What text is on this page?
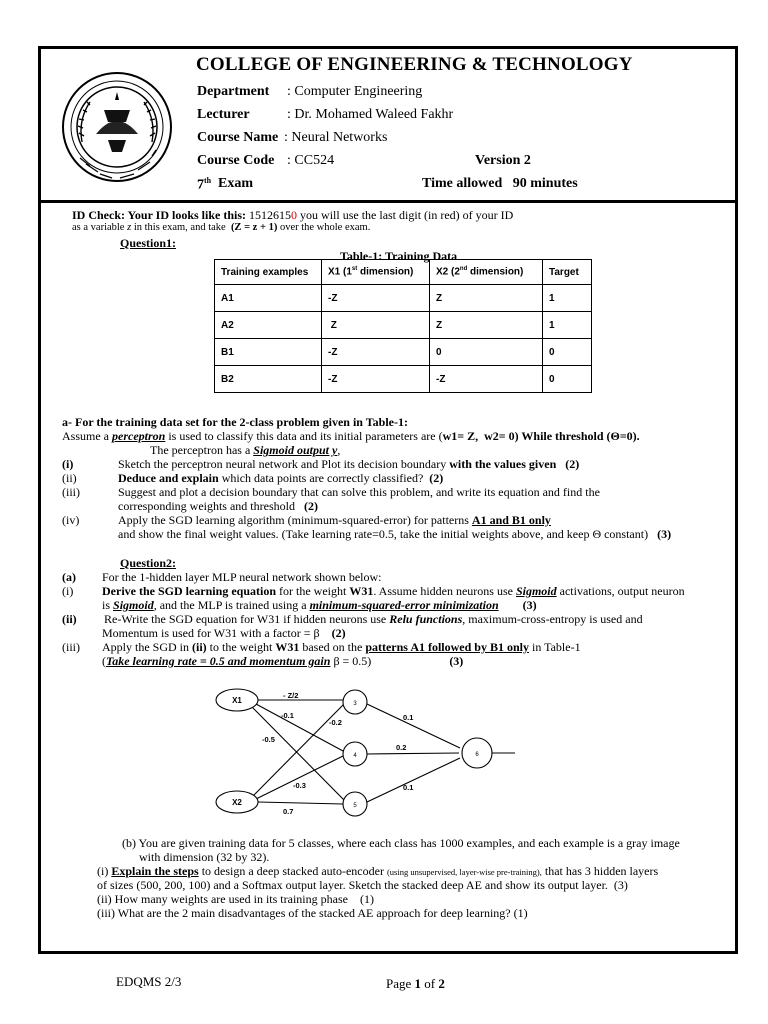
COLLEGE OF ENGINEERING & TECHNOLOGY
Department : Computer Engineering
Lecturer	: Dr. Mohamed Waleed Fakhr
Course Name : Neural Networks
Course Code : CC524	Version 2
7th Exam	Time allowed   90 minutes
ID Check: Your ID looks like this: 15126150 you will use the last digit (in red) of your ID
as a variable z in this exam, and take (Z = z + 1) over the whole exam.
Question1:
Table-1: Training Data
Training examples	X1 (1st dimension)	X2 (2nd dimension)	Target
A1	-Z	Z	1
A2	Z	Z	1
B1	-Z	0	0
B2	-Z	-Z	0
a- For the training data set for the 2-class problem given in Table-1:
Assume a perceptron is used to classify this data and its initial parameters are (w1= Z, w2= 0) While threshold (Θ=0).
The perceptron has a Sigmoid output y,
(i)	Sketch the perceptron neural network and Plot its decision boundary with the values given (2)
(ii)	Deduce and explain which data points are correctly classified? (2)
(iii)	Suggest and plot a decision boundary that can solve this problem, and write its equation and find the
corresponding weights and threshold (2)
(iv)	Apply the SGD learning algorithm (minimum-squared-error) for patterns A1 and B1 only
and show the final weight values. (Take learning rate=0.5, take the initial weights above, and keep Θ constant) (3)
Question2:
(a) For the 1-hidden layer MLP neural network shown below:
(i) Derive the SGD learning equation for the weight W31. Assume hidden neurons use Sigmoid activations, output neuron
is Sigmoid, and the MLP is trained using a minimum-squared-error minimization (3)
(ii) Re-Write the SGD equation for W31 if hidden neurons use Relu functions, maximum-cross-entropy is used and
Momentum is used for W31 with a factor = β (2)
(iii) Apply the SGD in (ii) to the weight W31 based on the patterns A1 followed by B1 only in Table-1
(Take learning rate = 0.5 and momentum gain β = 0.5)	(3)
X1
X2
3
4
5
6
- Z/2
-0.1
-0.2
-0.5
-0.3
0.7
0.1
0.2
0.1
(b) You are given training data for 5 classes, where each class has 1000 examples, and each example is a gray image
with dimension (32 by 32).
(i) Explain the steps to design a deep stacked auto-encoder (using unsupervised, layer-wise pre-training), that has 3 hidden layers
of sizes (500, 200, 100) and a Softmax output layer. Sketch the stacked deep AE and show its output layer. (3)
(ii) How many weights are used in its training phase (1)
(iii) What are the 2 main disadvantages of the stacked AE approach for deep learning? (1)
EDQMS 2/3	Page 1 of 2
